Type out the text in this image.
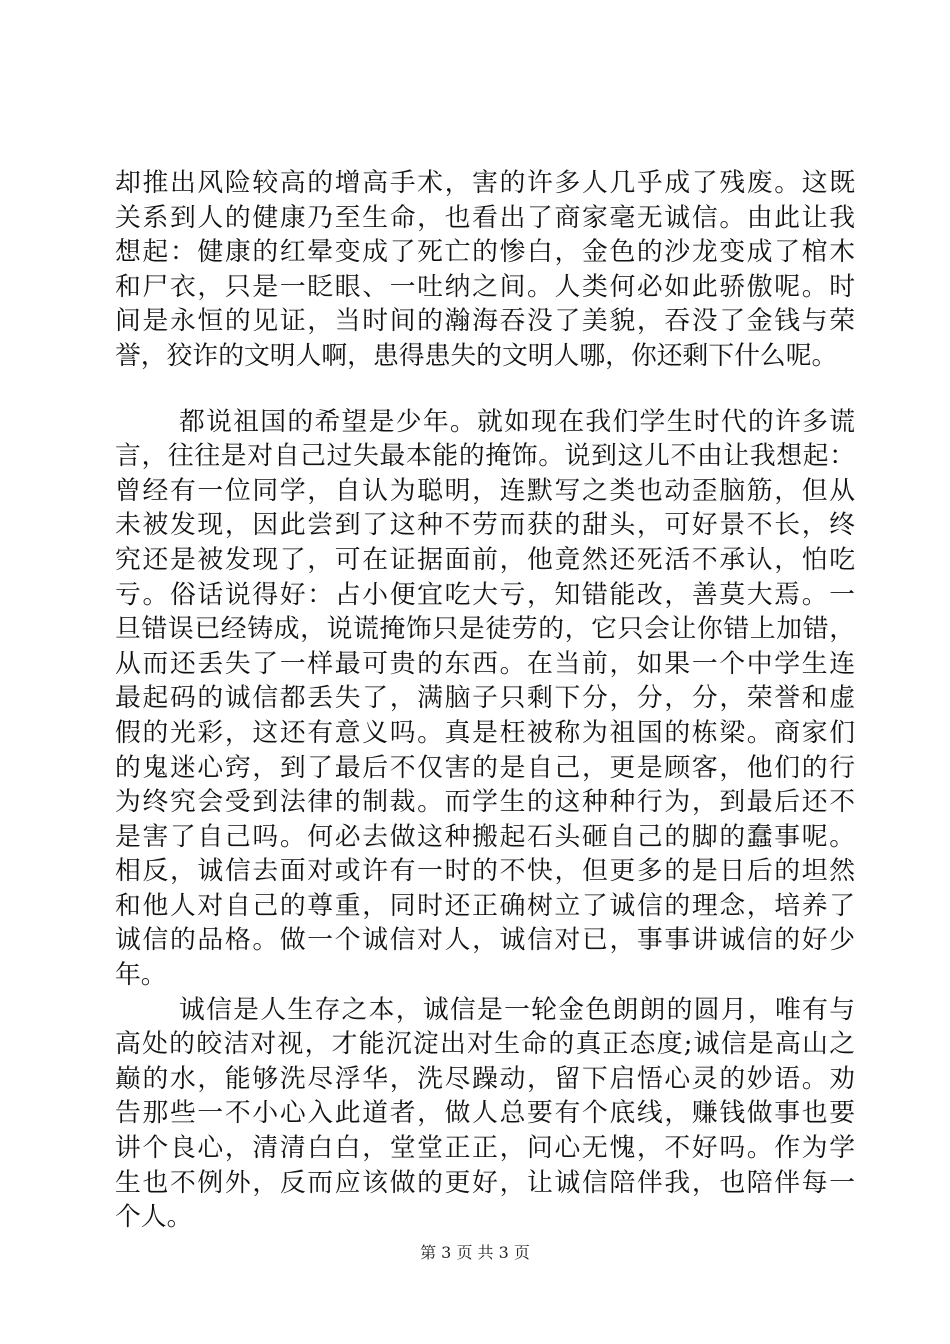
却推出风险较高的增高手术，害的许多人几乎成了残废。这既
关系到人的健康乃至生命，也看出了商家毫无诚信。由此让我
想起：健康的红晕变成了死亡的惨白，金色的沙龙变成了棺木
和尸衣，只是一眨眼、一吐纳之间。人类何必如此骄傲呢。时
间是永恒的见证，当时间的瀚海吞没了美貌，吞没了金钱与荣
誉，狡诈的文明人啊，患得患失的文明人哪，你还剩下什么呢。
都说祖国的希望是少年。就如现在我们学生时代的许多谎
言，往往是对自己过失最本能的掩饰。说到这儿不由让我想起：
曾经有一位同学，自认为聪明，连默写之类也动歪脑筋，但从
未被发现，因此尝到了这种不劳而获的甜头，可好景不长，终
究还是被发现了，可在证据面前，他竟然还死活不承认，怕吃
亏。俗话说得好：占小便宜吃大亏，知错能改，善莫大焉。一
旦错误已经铸成，说谎掩饰只是徒劳的，它只会让你错上加错，
从而还丢失了一样最可贵的东西。在当前，如果一个中学生连
最起码的诚信都丢失了，满脑子只剩下分，分，分，荣誉和虚
假的光彩，这还有意义吗。真是枉被称为祖国的栋梁。商家们
的鬼迷心窍，到了最后不仅害的是自己，更是顾客，他们的行
为终究会受到法律的制裁。而学生的这种种行为，到最后还不
是害了自己吗。何必去做这种搬起石头砸自己的脚的蠢事呢。
相反，诚信去面对或许有一时的不快，但更多的是日后的坦然
和他人对自己的尊重，同时还正确树立了诚信的理念，培养了
诚信的品格。做一个诚信对人，诚信对已，事事讲诚信的好少
年。
诚信是人生存之本，诚信是一轮金色朗朗的圆月，唯有与
高处的皎洁对视，才能沉淀出对生命的真正态度;诚信是高山之
巅的水，能够洗尽浮华，洗尽躁动，留下启悟心灵的妙语。劝
告那些一不小心入此道者，做人总要有个底线，赚钱做事也要
讲个良心，清清白白，堂堂正正，问心无愧，不好吗。作为学
生也不例外，反而应该做的更好，让诚信陪伴我，也陪伴每一
个人。
第 3 页 共 3 页
